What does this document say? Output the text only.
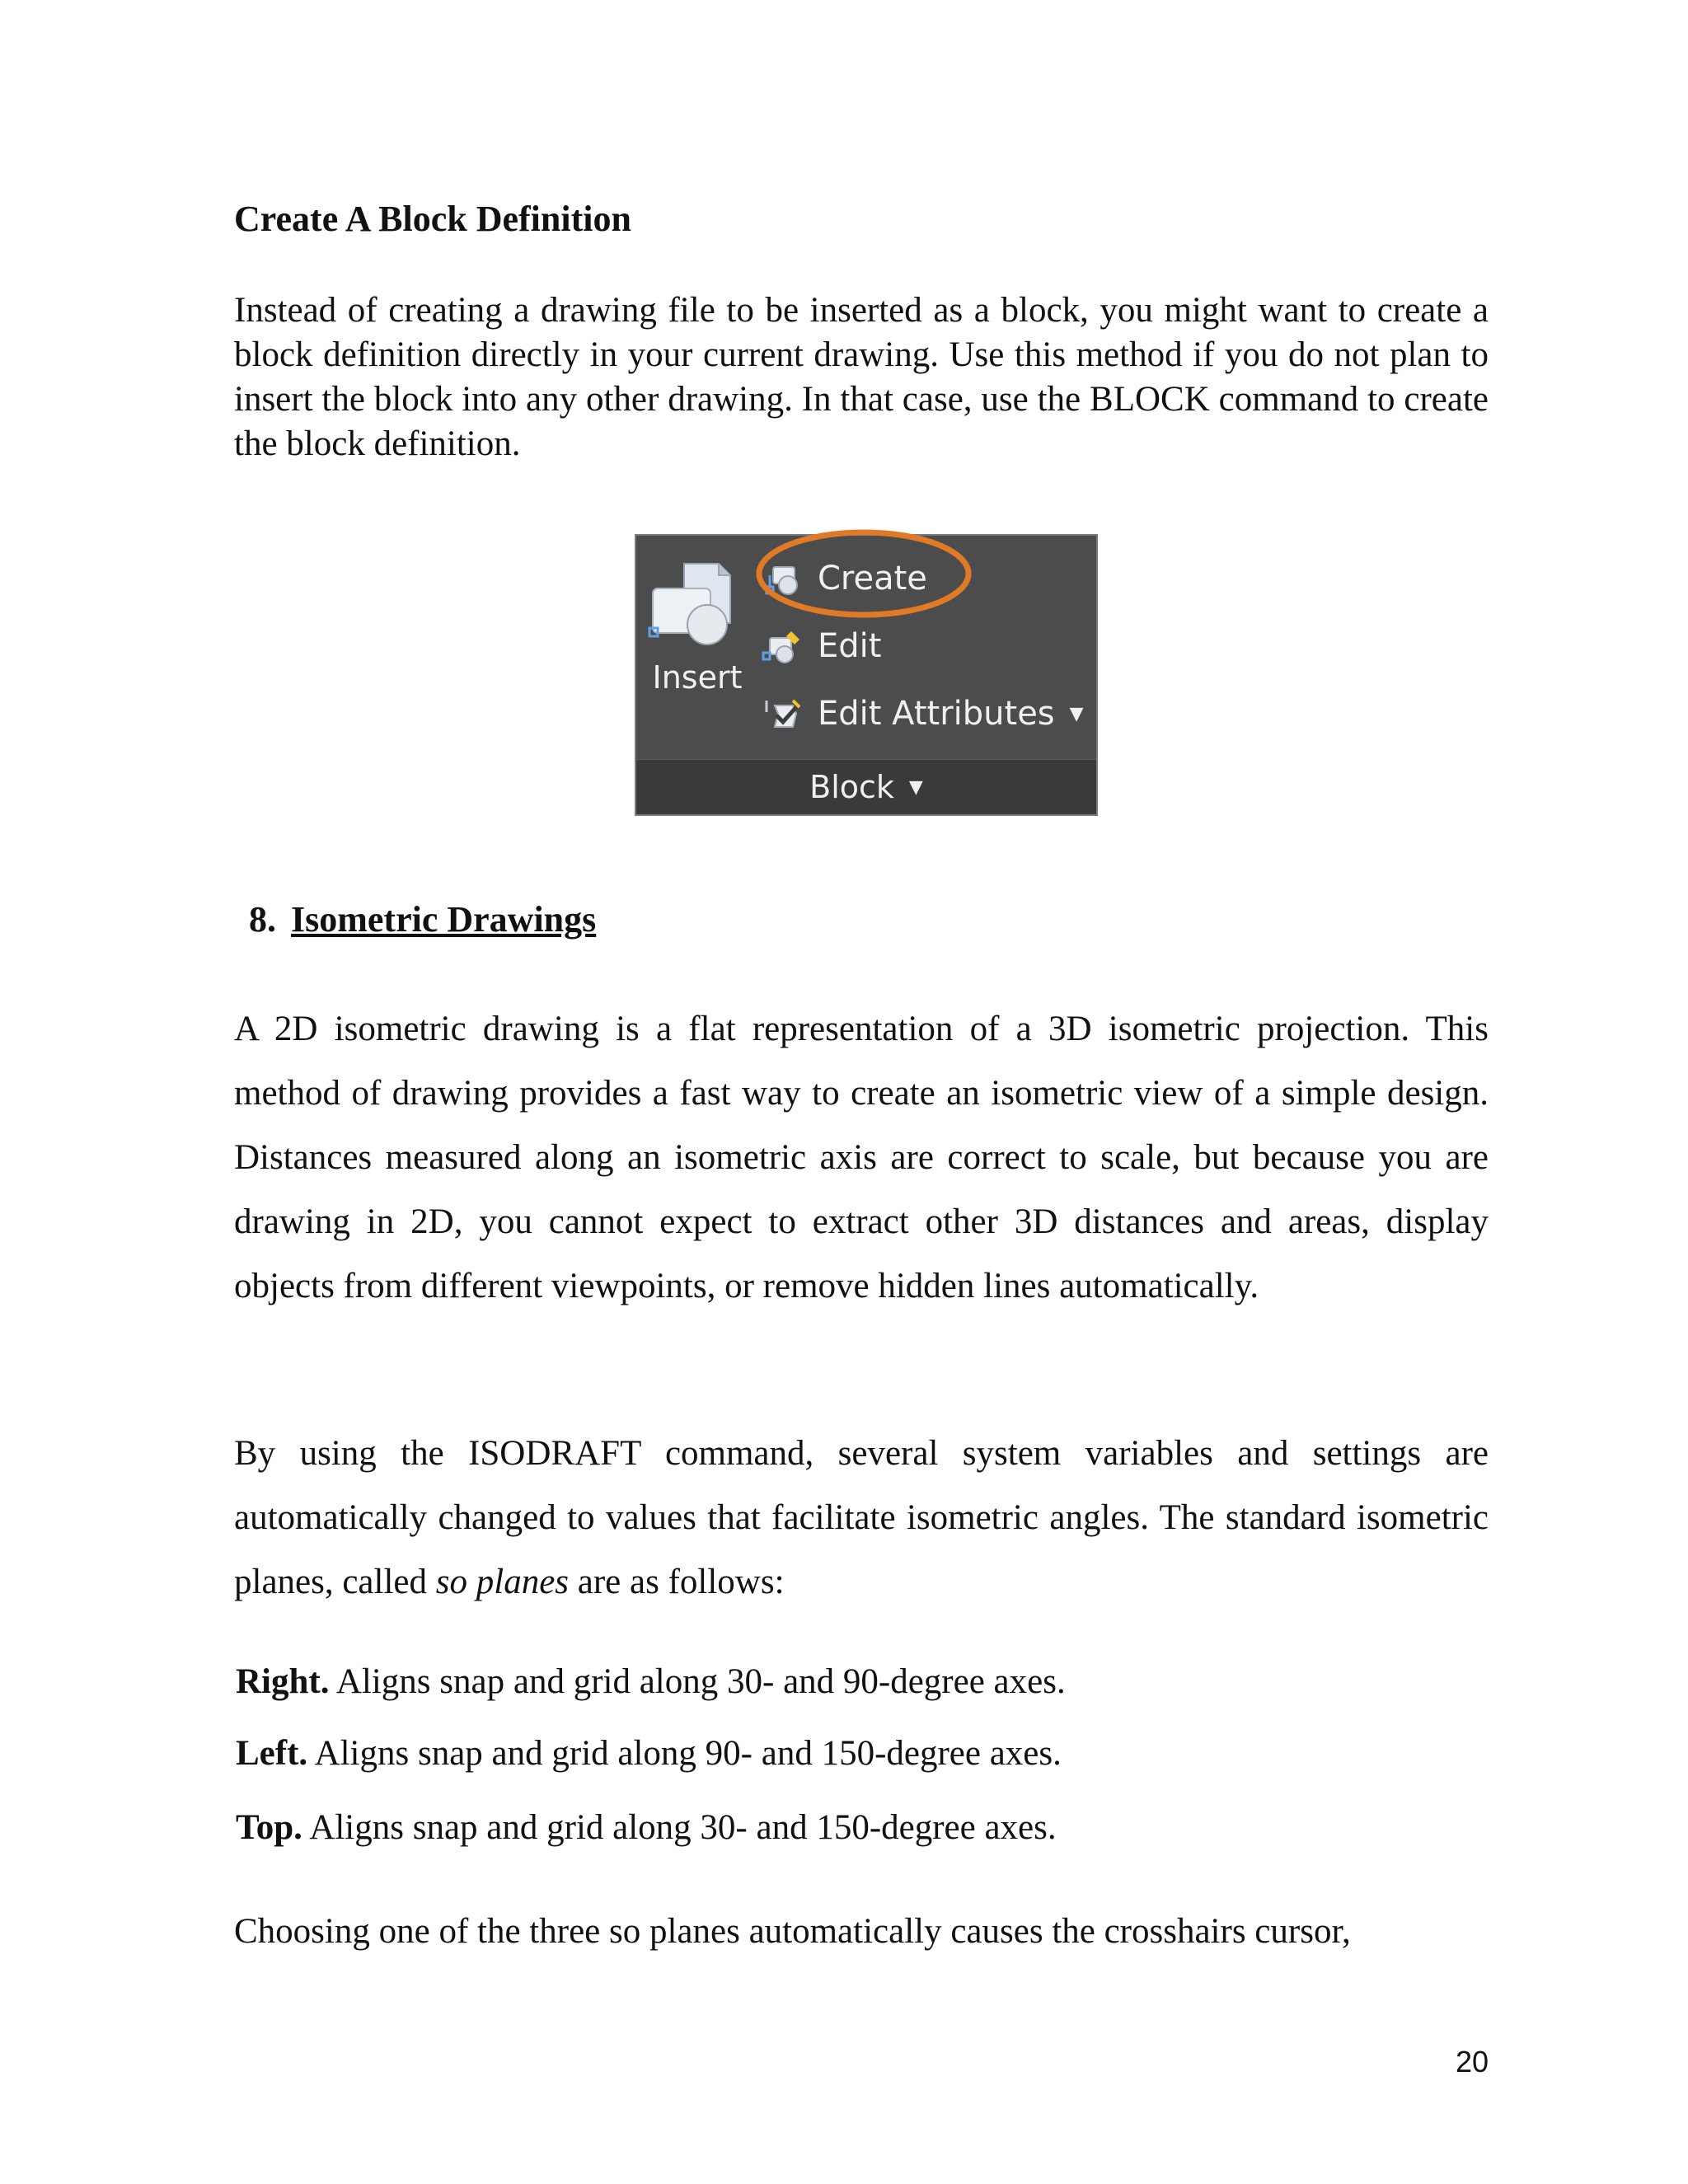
Create A Block Definition

Instead of creating a drawing file to be inserted as a block, you might want to create a block definition directly in your current drawing. Use this method if you do not plan to insert the block into any other drawing. In that case, use the BLOCK command to create the block definition.

Insert
Create
Edit
Edit Attributes ▼
Block ▼
8. Isometric Drawings

A 2D isometric drawing is a flat representation of a 3D isometric projection. This method of drawing provides a fast way to create an isometric view of a simple design. Distances measured along an isometric axis are correct to scale, but because you are drawing in 2D, you cannot expect to extract other 3D distances and areas, display objects from different viewpoints, or remove hidden lines automatically.

By using the ISODRAFT command, several system variables and settings are automatically changed to values that facilitate isometric angles. The standard isometric planes, called so planes are as follows:

Right. Aligns snap and grid along 30- and 90-degree axes.

Left. Aligns snap and grid along 90- and 150-degree axes.

Top. Aligns snap and grid along 30- and 150-degree axes.

Choosing one of the three so planes automatically causes the crosshairs cursor,

20
